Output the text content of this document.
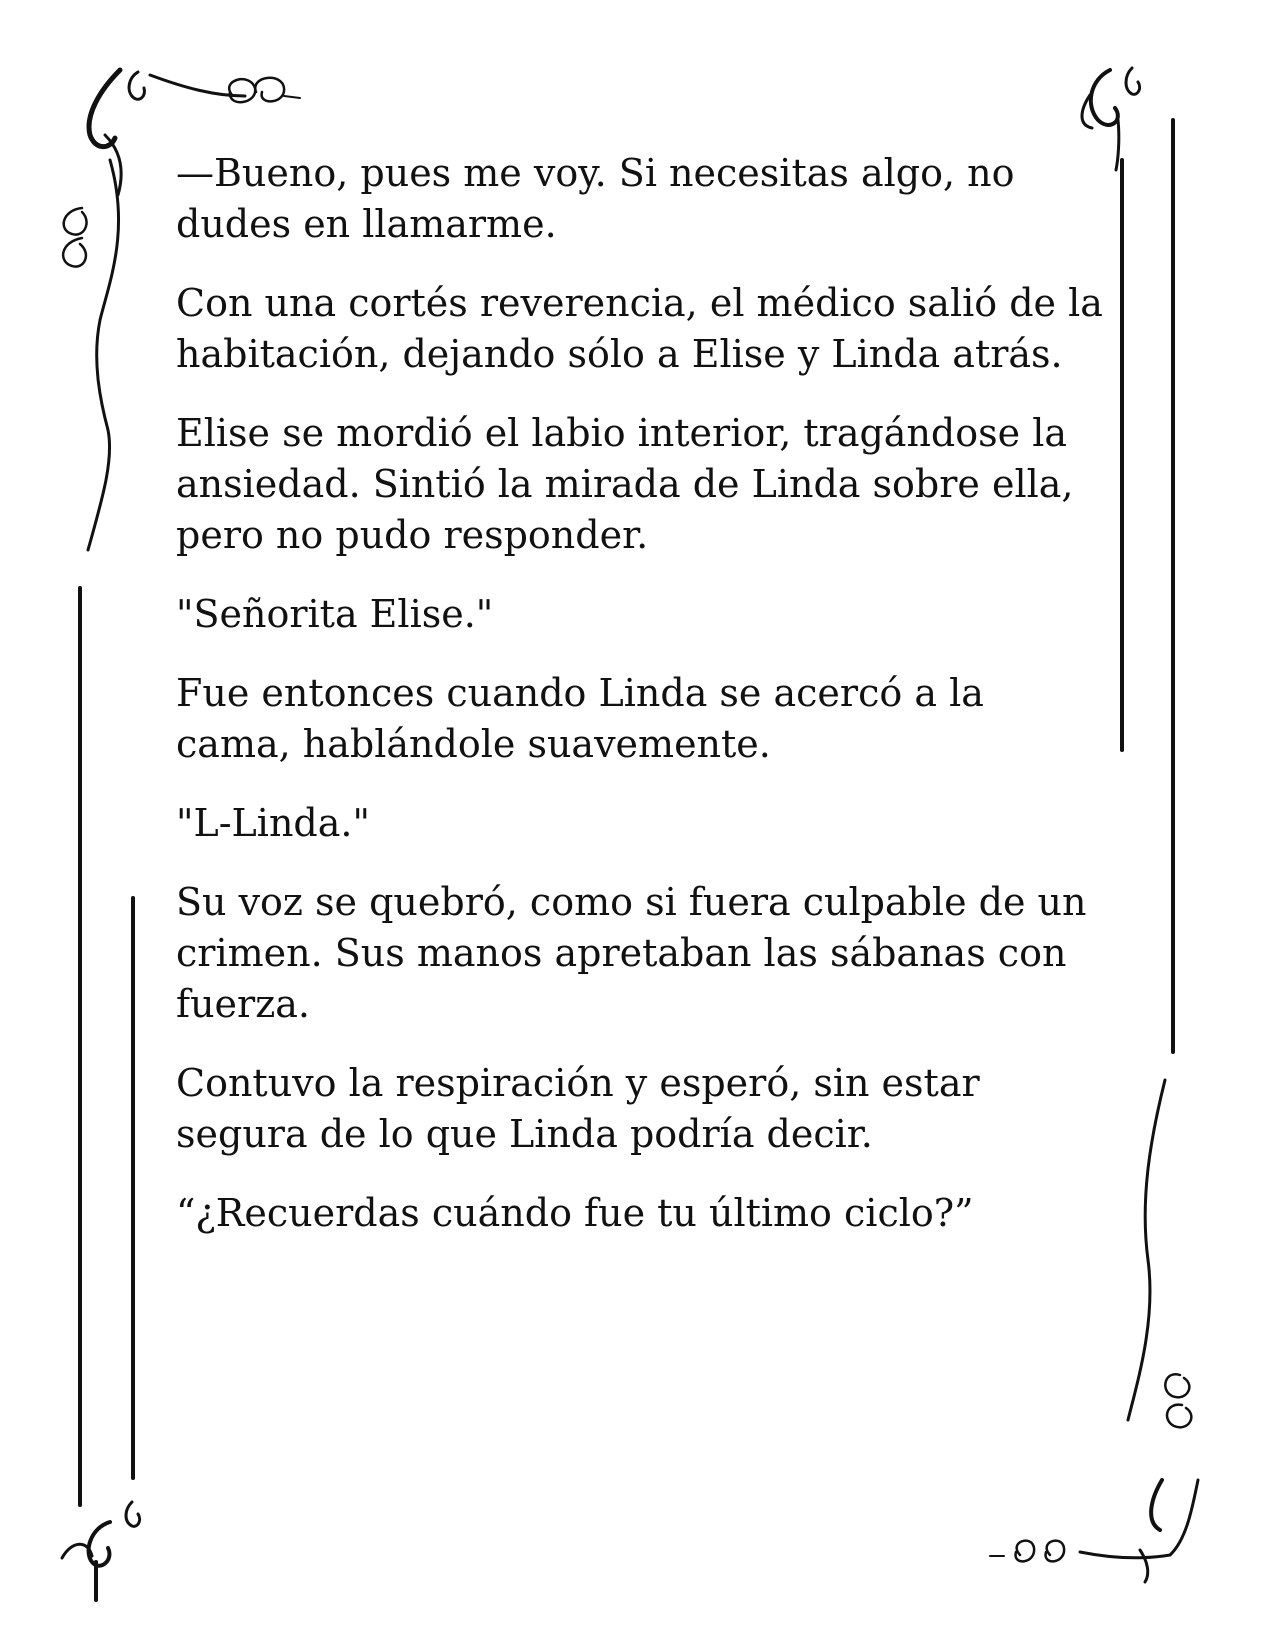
—Bueno, pues me voy. Si necesitas algo, no dudes en llamarme.

Con una cortés reverencia, el médico salió de la habitación, dejando sólo a Elise y Linda atrás.

Elise se mordió el labio interior, tragándose la ansiedad. Sintió la mirada de Linda sobre ella, pero no pudo responder.

"Señorita Elise."

Fue entonces cuando Linda se acercó a la cama, hablándole suavemente.

"L-Linda."

Su voz se quebró, como si fuera culpable de un crimen. Sus manos apretaban las sábanas con fuerza.

Contuvo la respiración y esperó, sin estar segura de lo que Linda podría decir.

“¿Recuerdas cuándo fue tu último ciclo?”
